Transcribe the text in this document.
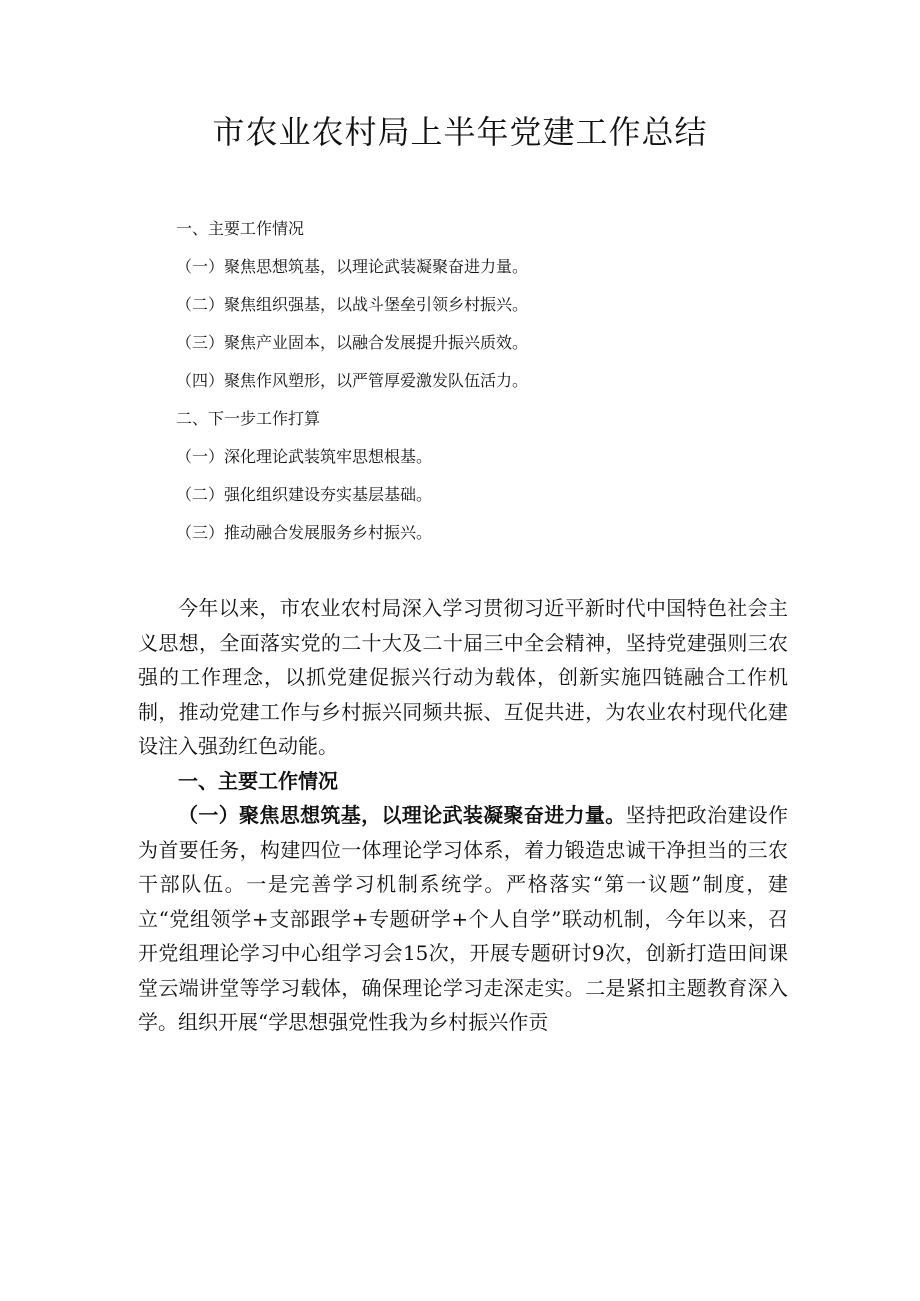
市农业农村局上半年党建工作总结
一、主要工作情况
（一）聚焦思想筑基，以理论武装凝聚奋进力量。
（二）聚焦组织强基，以战斗堡垒引领乡村振兴。
（三）聚焦产业固本，以融合发展提升振兴质效。
（四）聚焦作风塑形，以严管厚爱激发队伍活力。
二、下一步工作打算
（一）深化理论武装筑牢思想根基。
（二）强化组织建设夯实基层基础。
（三）推动融合发展服务乡村振兴。

今年以来，市农业农村局深入学习贯彻习近平新时代中国特色社会主义思想，全面落实党的二十大及二十届三中全会精神，坚持党建强则三农强的工作理念，以抓党建促振兴行动为载体，创新实施四链融合工作机制，推动党建工作与乡村振兴同频共振、互促共进，为农业农村现代化建设注入强劲红色动能。

一、主要工作情况

（一）聚焦思想筑基，以理论武装凝聚奋进力量。坚持把政治建设作为首要任务，构建四位一体理论学习体系，着力锻造忠诚干净担当的三农干部队伍。一是完善学习机制系统学。严格落实“第一议题”制度，建立“党组领学+支部跟学+专题研学+个人自学”联动机制，今年以来，召开党组理论学习中心组学习会15次，开展专题研讨9次，创新打造田间课堂云端讲堂等学习载体，确保理论学习走深走实。二是紧扣主题教育深入学。组织开展“学思想强党性我为乡村振兴作贡
